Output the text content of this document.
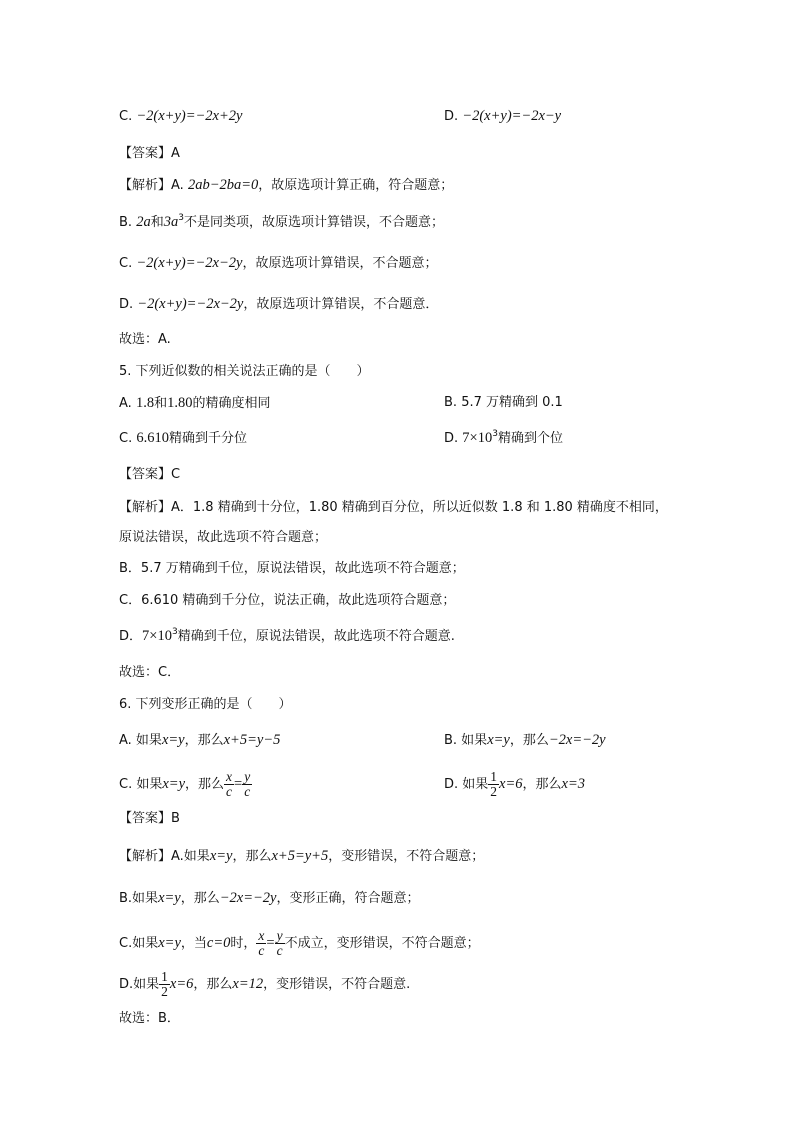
C. −2(x+y)=−2x+2y	D. −2(x+y)=−2x−y
【答案】A
【解析】A. 2ab−2ba=0，故原选项计算正确，符合题意；
B. 2a和$3a^3$不是同类项，故原选项计算错误，不合题意；
C. −2(x+y)=−2x−2y，故原选项计算错误，不合题意；
D. −2(x+y)=−2x−2y，故原选项计算错误，不合题意．
故选：A.
5. 下列近似数的相关说法正确的是（　　）
A. 1.8和1.80的精确度相同	B. 5.7 万精确到 0.1
C. 6.610精确到千分位	D. $7\times 10^3$精确到个位
【答案】C
【解析】A．1.8 精确到十分位，1.80 精确到百分位，所以近似数 1.8 和 1.80 精确度不相同，
原说法错误，故此选项不符合题意；
B．5.7 万精确到千位，原说法错误，故此选项不符合题意；
C．6.610 精确到千分位，说法正确，故此选项符合题意；
D．$7\times 10^3$精确到千位，原说法错误，故此选项不符合题意.
故选：C．
6. 下列变形正确的是（　　）
A. 如果x=y，那么x+5=y−5	B. 如果x=y，那么−2x=−2y
C. 如果x=y，那么 $\frac{x}{c} = \frac{y}{c}$	D. 如果 $\frac{1}{2} x=6$，那么x=3
【答案】B
【解析】A.如果x=y，那么x+5=y+5，变形错误，不符合题意；
B.如果x=y，那么−2x=−2y，变形正确，符合题意；
C.如果x=y，当c=0时， $\frac{x}{c} = \frac{y}{c}$ 不成立，变形错误，不符合题意；
D.如果 $\frac{1}{2} x=6$，那么x=12，变形错误，不符合题意.
故选：B．
